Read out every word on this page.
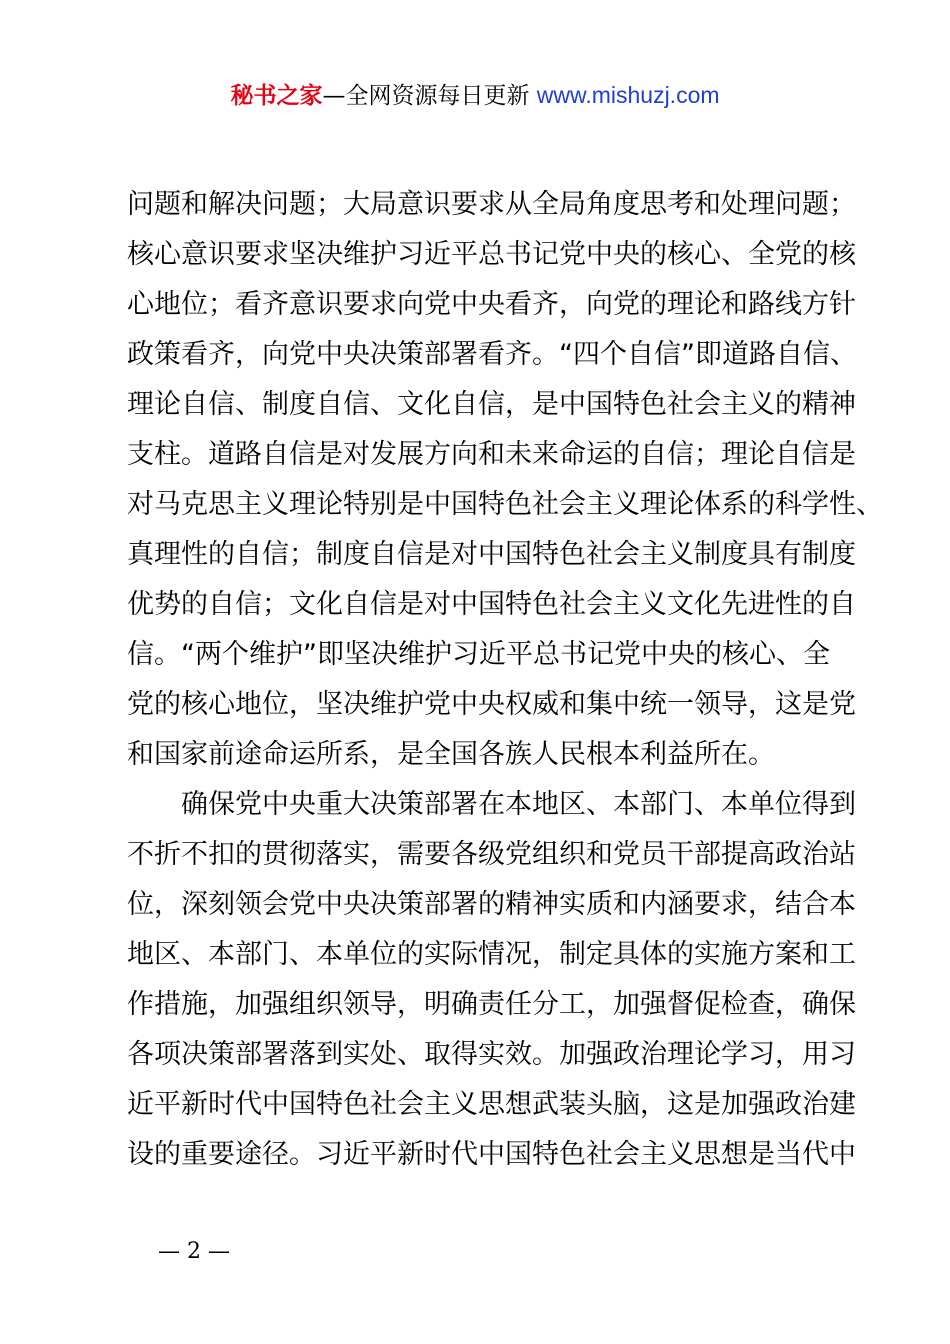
秘书之家—全网资源每日更新 www.mishuzj.com
问题和解决问题；大局意识要求从全局角度思考和处理问题；
核心意识要求坚决维护习近平总书记党中央的核心、全党的核
心地位；看齐意识要求向党中央看齐，向党的理论和路线方针
政策看齐，向党中央决策部署看齐。“四个自信”即道路自信、
理论自信、制度自信、文化自信，是中国特色社会主义的精神
支柱。道路自信是对发展方向和未来命运的自信；理论自信是
对马克思主义理论特别是中国特色社会主义理论体系的科学性、
真理性的自信；制度自信是对中国特色社会主义制度具有制度
优势的自信；文化自信是对中国特色社会主义文化先进性的自
信。“两个维护”即坚决维护习近平总书记党中央的核心、全
党的核心地位，坚决维护党中央权威和集中统一领导，这是党
和国家前途命运所系，是全国各族人民根本利益所在。
确保党中央重大决策部署在本地区、本部门、本单位得到
不折不扣的贯彻落实，需要各级党组织和党员干部提高政治站
位，深刻领会党中央决策部署的精神实质和内涵要求，结合本
地区、本部门、本单位的实际情况，制定具体的实施方案和工
作措施，加强组织领导，明确责任分工，加强督促检查，确保
各项决策部署落到实处、取得实效。加强政治理论学习，用习
近平新时代中国特色社会主义思想武装头脑，这是加强政治建
设的重要途径。习近平新时代中国特色社会主义思想是当代中
— 2 —
